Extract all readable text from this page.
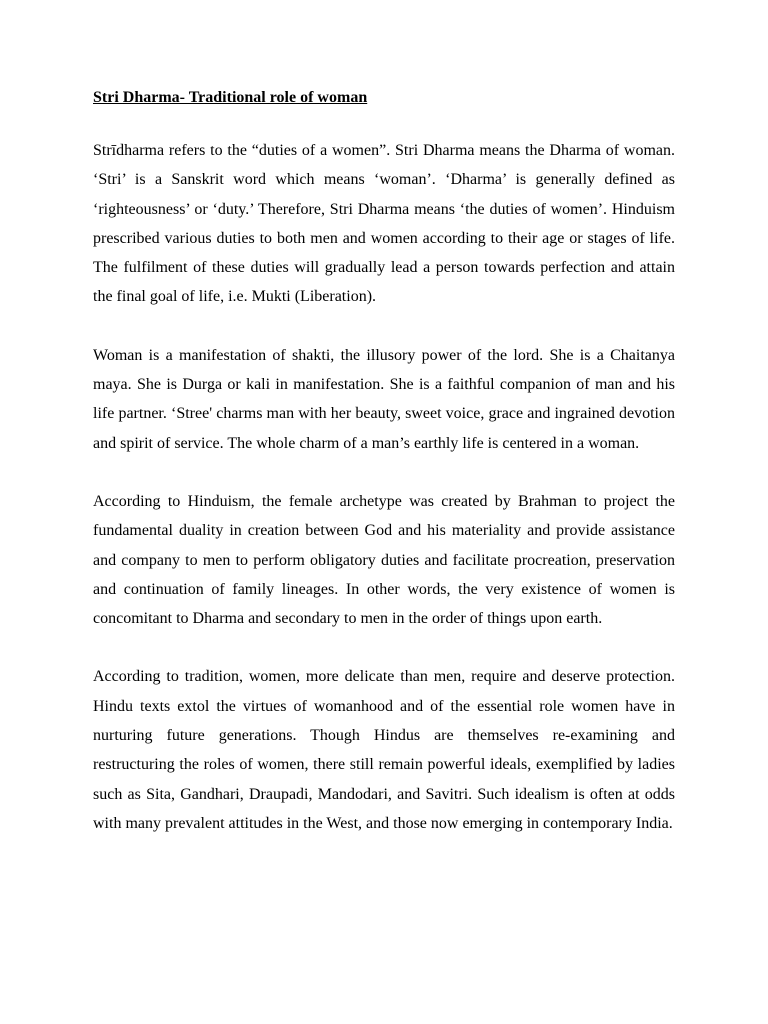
Stri Dharma- Traditional role of woman

Strīdharma refers to the “duties of a women”. Stri Dharma means the Dharma of woman. ‘Stri’ is a Sanskrit word which means ‘woman’. ‘Dharma’ is generally defined as ‘righteousness’ or ‘duty.’ Therefore, Stri Dharma means ‘the duties of women’. Hinduism prescribed various duties to both men and women according to their age or stages of life. The fulfilment of these duties will gradually lead a person towards perfection and attain the final goal of life, i.e. Mukti (Liberation).

Woman is a manifestation of shakti, the illusory power of the lord. She is a Chaitanya maya. She is Durga or kali in manifestation. She is a faithful companion of man and his life partner. ‘Stree' charms man with her beauty, sweet voice, grace and ingrained devotion and spirit of service. The whole charm of a man’s earthly life is centered in a woman.

According to Hinduism, the female archetype was created by Brahman to project the fundamental duality in creation between God and his materiality and provide assistance and company to men to perform obligatory duties and facilitate procreation, preservation and continuation of family lineages. In other words, the very existence of women is concomitant to Dharma and secondary to men in the order of things upon earth.

According to tradition, women, more delicate than men, require and deserve protection. Hindu texts extol the virtues of womanhood and of the essential role women have in nurturing future generations. Though Hindus are themselves re-examining and restructuring the roles of women, there still remain powerful ideals, exemplified by ladies such as Sita, Gandhari, Draupadi, Mandodari, and Savitri. Such idealism is often at odds with many prevalent attitudes in the West, and those now emerging in contemporary India.
